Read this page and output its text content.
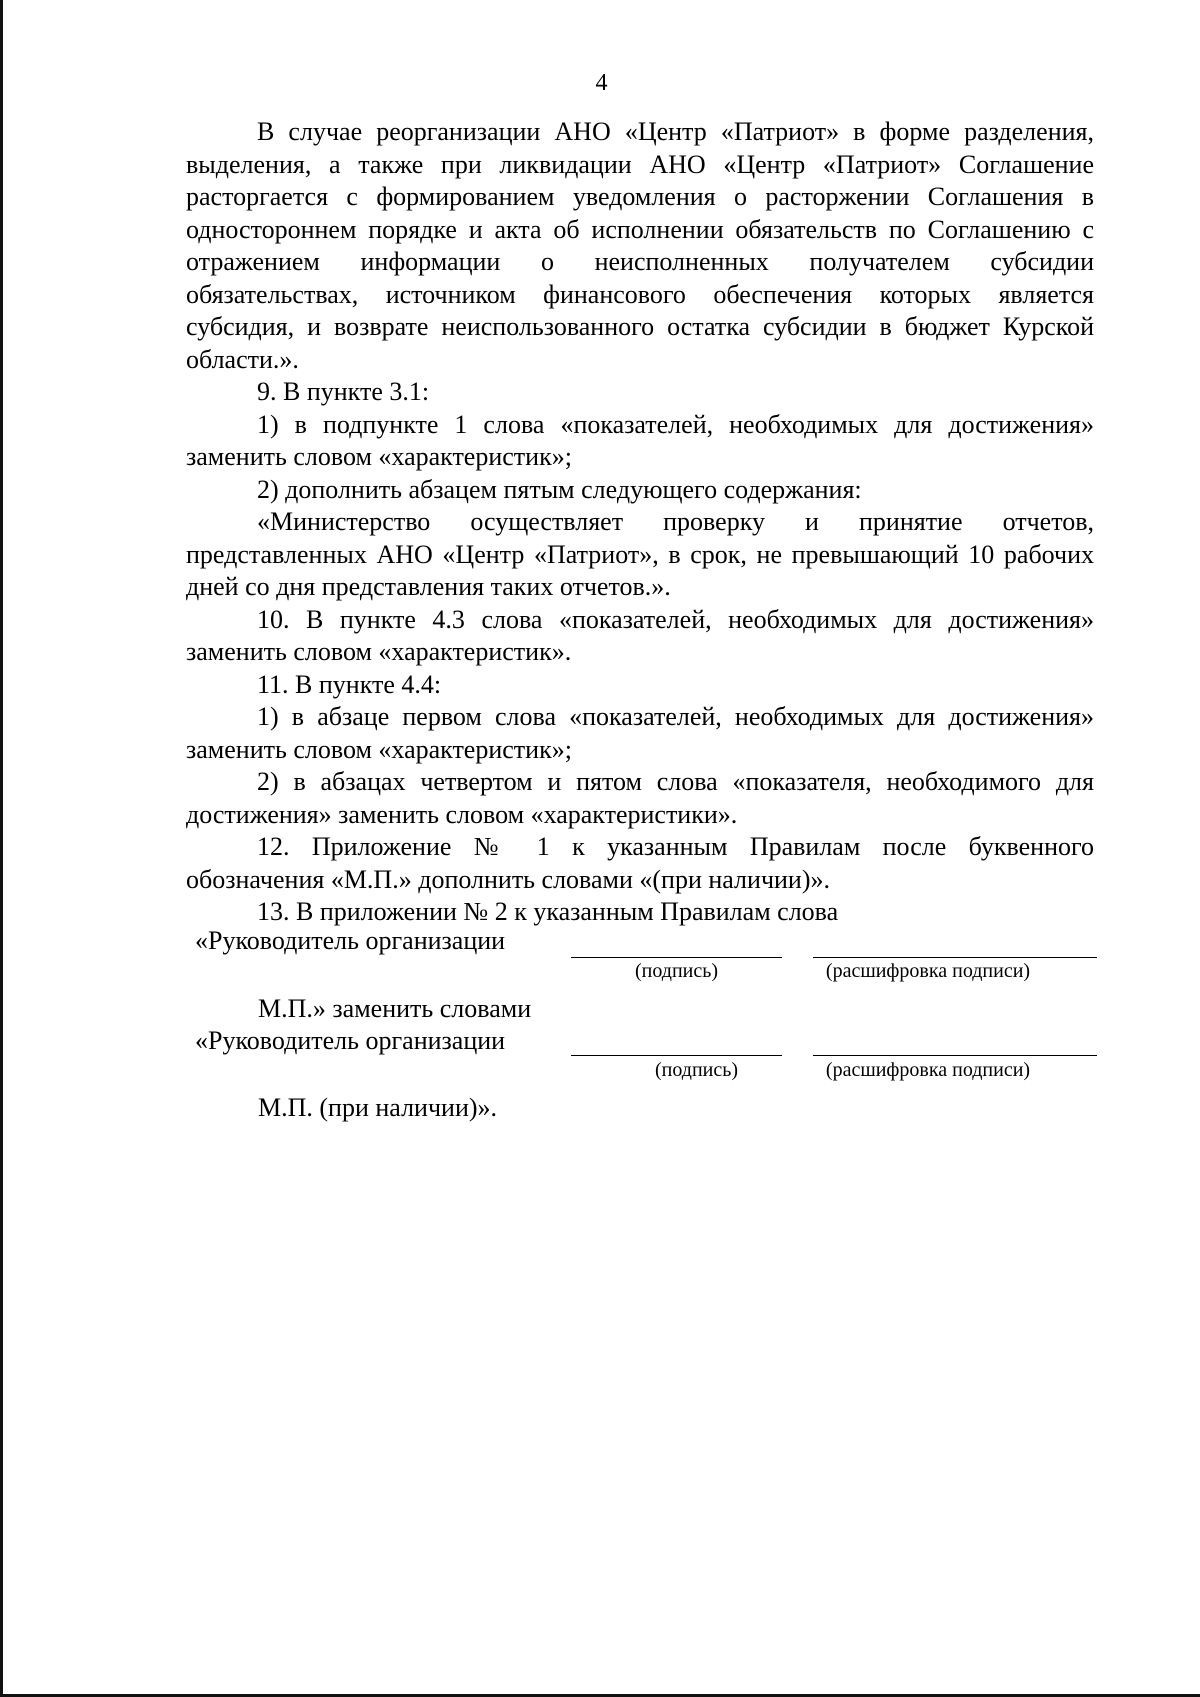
4

В случае реорганизации АНО «Центр «Патриот» в форме разделения, выделения, а также при ликвидации АНО «Центр «Патриот» Соглашение расторгается с формированием уведомления о расторжении Соглашения в одностороннем порядке и акта об исполнении обязательств по Соглашению с отражением информации о неисполненных получателем субсидии обязательствах, источником финансового обеспечения которых является субсидия, и возврате неиспользованного остатка субсидии в бюджет Курской области.».

9. В пункте 3.1:

1) в подпункте 1 слова «показателей, необходимых для достижения» заменить словом «характеристик»;

2) дополнить абзацем пятым следующего содержания:

«Министерство осуществляет проверку и принятие отчетов, представленных АНО «Центр «Патриот», в срок, не превышающий 10 рабочих дней со дня представления таких отчетов.».

10. В пункте 4.3 слова «показателей, необходимых для достижения» заменить словом «характеристик».

11. В пункте 4.4:

1) в абзаце первом слова «показателей, необходимых для достижения» заменить словом «характеристик»;

2) в абзацах четвертом и пятом слова «показателя, необходимого для достижения» заменить словом «характеристики».

12. Приложение № 1 к указанным Правилам после буквенного обозначения «М.П.» дополнить словами «(при наличии)».

13. В приложении № 2 к указанным Правилам слова

«Руководитель организации
(подпись)	(расшифровка подписи)
М.П.» заменить словами
«Руководитель организации
(подпись)	(расшифровка подписи)
М.П. (при наличии)».
